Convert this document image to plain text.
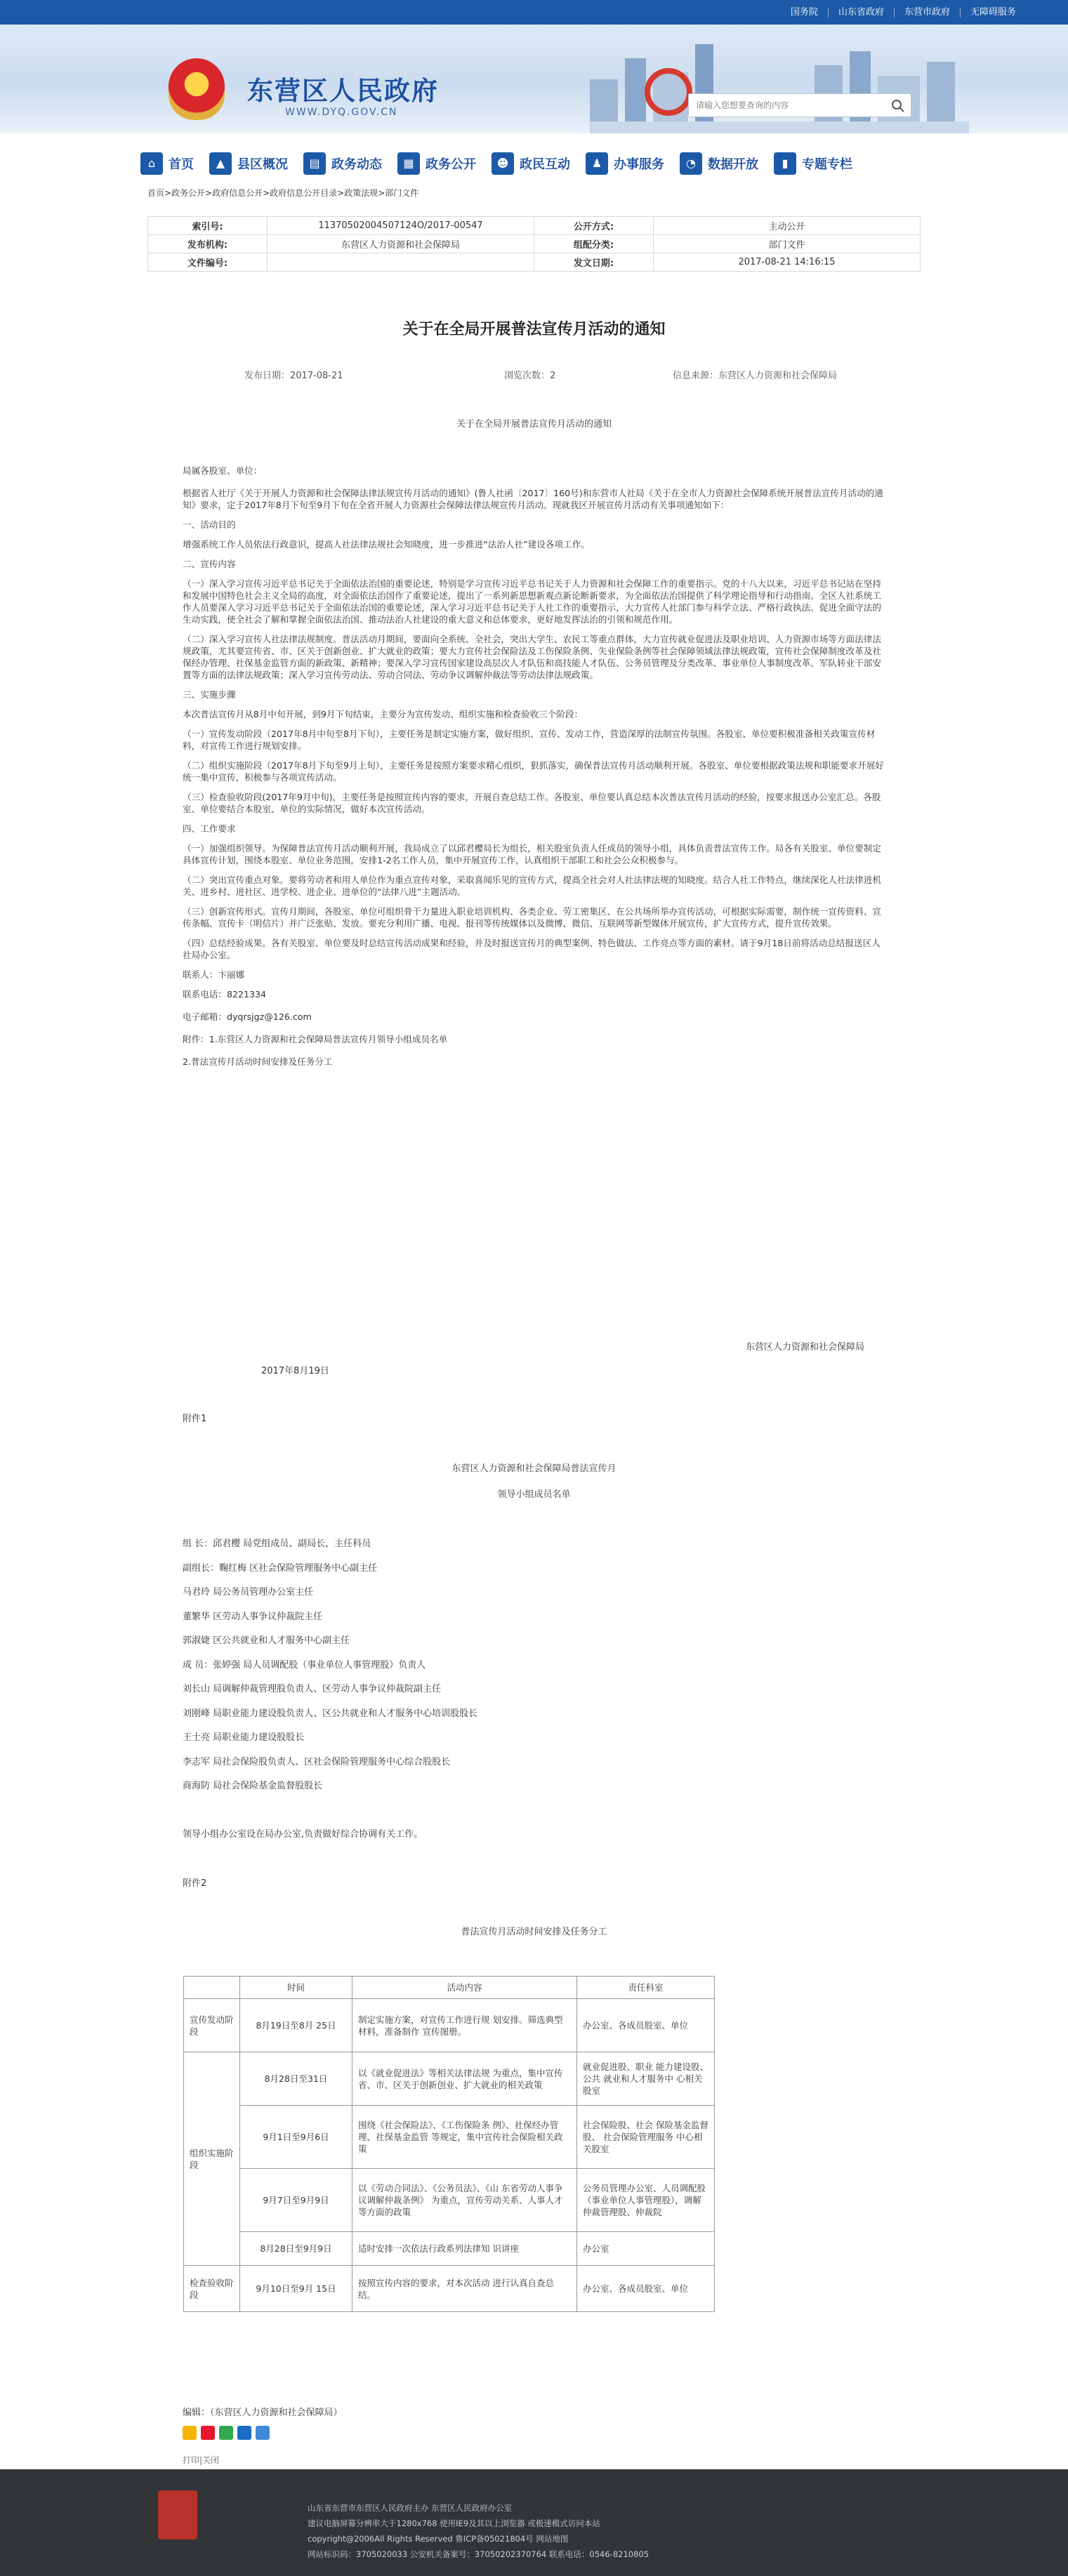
国务院	山东省政府	东营市政府	无障碍服务
东营区人民政府
WWW.DYQ.GOV.CN
请输入您想要查询的内容
⌂	首页	▲ 县区概况	▤ 政务动态	▦ 政务公开	☻ 政民互动	♟ 办事服务	◔ 数据开放	▮	专题专栏
首页>政务公开>政府信息公开>政府信息公开目录>政策法规>部门文件
索引号:	11370502004507124O/2017-00547	公开方式:	主动公开
发布机构:	东营区人力资源和社会保障局	组配分类:	部门文件
文件编号:		发文日期:	2017-08-21 14:16:15
关于在全局开展普法宣传月活动的通知
发布日期：2017-08-21	浏览次数：2	信息来源：东营区人力资源和社会保障局
关于在全局开展普法宣传月活动的通知

局属各股室、单位：

根据省人社厅《关于开展人力资源和社会保障法律法规宣传月活动的通知》(鲁人社函〔2017〕160号)和东营市人社局《关于在全市人力资源社会保障系统开展普法宣传月活动的通知》要求，定于2017年8月下旬至9月下旬在全省开展人力资源社会保障法律法规宣传月活动。现就我区开展宣传月活动有关事项通知如下：

一、活动目的

增强系统工作人员依法行政意识，提高人社法律法规社会知晓度，进一步推进“法治人社”建设各项工作。

二、宣传内容

（一）深入学习宣传习近平总书记关于全面依法治国的重要论述，特别是学习宣传习近平总书记关于人力资源和社会保障工作的重要指示。党的十八大以来，习近平总书记站在坚持和发展中国特色社会主义全局的高度，对全面依法治国作了重要论述，提出了一系列新思想新观点新论断新要求，为全面依法治国提供了科学理论指导和行动指南。全区人社系统工作人员要深入学习习近平总书记关于全面依法治国的重要论述，深入学习习近平总书记关于人社工作的重要指示，大力宣传人社部门参与科学立法、严格行政执法、促进全面守法的生动实践，使全社会了解和掌握全面依法治国、推动法治人社建设的重大意义和总体要求，更好地发挥法治的引领和规范作用。

（二）深入学习宣传人社法律法规制度。普法活动月期间，要面向全系统、全社会，突出大学生、农民工等重点群体，大力宣传就业促进法及职业培训、人力资源市场等方面法律法规政策，尤其要宣传省、市、区关于创新创业、扩大就业的政策；要大力宣传社会保险法及工伤保险条例、失业保险条例等社会保障领域法律法规政策，宣传社会保障制度改革及社保经办管理、社保基金监管方面的新政策、新精神；要深入学习宣传国家建设高层次人才队伍和高技能人才队伍、公务员管理及分类改革、事业单位人事制度改革、军队转业干部安置等方面的法律法规政策；深入学习宣传劳动法、劳动合同法、劳动争议调解仲裁法等劳动法律法规政策。

三、实施步骤

本次普法宣传月从8月中旬开展，到9月下旬结束，主要分为宣传发动、组织实施和检查验收三个阶段：

（一）宣传发动阶段（2017年8月中旬至8月下旬），主要任务是制定实施方案，做好组织、宣传、发动工作，营造深厚的法制宣传氛围。各股室、单位要积极准备相关政策宣传材料，对宣传工作进行规划安排。

（二）组织实施阶段（2017年8月下旬至9月上旬），主要任务是按照方案要求精心组织，狠抓落实，确保普法宣传月活动顺利开展。各股室、单位要根据政策法规和职能要求开展好统一集中宣传，积极参与各项宣传活动。

（三）检查验收阶段(2017年9月中旬)，主要任务是按照宣传内容的要求，开展自查总结工作。各股室、单位要认真总结本次普法宣传月活动的经验，按要求报送办公室汇总。各股室、单位要结合本股室、单位的实际情况，做好本次宣传活动。

四、工作要求

（一）加强组织领导。为保障普法宣传月活动顺利开展，我局成立了以邱君樱局长为组长，相关股室负责人任成员的领导小组，具体负责普法宣传工作。局各有关股室、单位要制定具体宣传计划，围绕本股室、单位业务范围，安排1-2名工作人员，集中开展宣传工作，认真组织干部职工和社会公众积极参与。

（二）突出宣传重点对象。要将劳动者和用人单位作为重点宣传对象，采取喜闻乐见的宣传方式，提高全社会对人社法律法规的知晓度。结合人社工作特点，继续深化人社法律进机关、进乡村、进社区、进学校、进企业、进单位的“法律八进”主题活动。

（三）创新宣传形式。宣传月期间，各股室、单位可组织骨干力量进入职业培训机构、各类企业、劳工密集区、在公共场所举办宣传活动，可根据实际需要，制作统一宣传资料、宣传条幅、宣传卡（明信片）并广泛张贴、发放。要充分利用广播、电视、报刊等传统媒体以及微博、微信、互联网等新型媒体开展宣传，扩大宣传方式，提升宣传效果。

（四）总结经验成果。各有关股室、单位要及时总结宣传活动成果和经验，并及时报送宣传月的典型案例、特色做法、工作亮点等方面的素材。请于9月18日前将活动总结报送区人社局办公室。

联系人：卞丽娜

联系电话：8221334

电子邮箱：dyqrsjgz@126.com

附件：1.东营区人力资源和社会保障局普法宣传月领导小组成员名单

2.普法宣传月活动时间安排及任务分工

东营区人力资源和社会保障局
2017年8月19日
附件1
东营区人力资源和社会保障局普法宣传月
领导小组成员名单
组 长：邱君樱 局党组成员、副局长，主任科员
副组长：鞠红梅 区社会保险管理服务中心副主任
马君玲 局公务员管理办公室主任
董繁华 区劳动人事争议仲裁院主任
郭淑婕 区公共就业和人才服务中心副主任
成 员：张婷强 局人员调配股（事业单位人事管理股）负责人
刘长山 局调解仲裁管理股负责人、区劳动人事争议仲裁院副主任
刘刚峰 局职业能力建设股负责人、区公共就业和人才服务中心培训股股长
王士亮 局职业能力建设股股长
李志军 局社会保险股负责人、区社会保险管理服务中心综合股股长
商海防 局社会保险基金监督股股长
领导小组办公室设在局办公室,负责做好综合协调有关工作。
附件2
普法宣传月活动时间安排及任务分工
	时间	活动内容	责任科室
宣传发动阶段	8月19日至8月 25日	制定实施方案，对宣传工作进行规 划安排。筛选典型材料，准备制作 宣传图册。	办公室、各成员股室、单位
组织实施阶段	8月28日至31日	以《就业促进法》等相关法律法规 为重点，集中宣传省、市、区关于创新创业、扩大就业的相关政策	就业促进股、职业 能力建设股、公共 就业和人才服务中 心相关股室
	9月1日至9月6日	围绕《社会保险法》、《工伤保险条 例》、社保经办管理、社保基金监管 等规定，集中宣传社会保险相关政 策	社会保险股、社会 保险基金监督股、 社会保险管理服务 中心相关股室
	9月7日至9月9日	以《劳动合同法》、《公务员法》、《山 东省劳动人事争议调解仲裁条例》 为重点，宣传劳动关系、人事人才 等方面的政策	公务员管理办公室、人员调配股（事业单位人事管理股），调解仲裁管理股、仲裁院
	8月28日至9月9日	适时安排一次依法行政系列法律知 识讲座	办公室
检查验收阶段	9月10日至9月 15日	按照宣传内容的要求，对本次活动 进行认真自查总结。	办公室、各成员股室、单位
编辑：（东营区人力资源和社会保障局）
打印|关闭
山东省东营市东营区人民政府主办 东营区人民政府办公室
建议电脑屏幕分辨率大于1280x768 使用IE9及其以上浏览器 或极速模式访问本站
copyright@2006All Rights Reserved 鲁ICP备05021804号 网站地图
网站标识码：3705020033 公安机关备案号：37050202370764 联系电话：0546-8210805
